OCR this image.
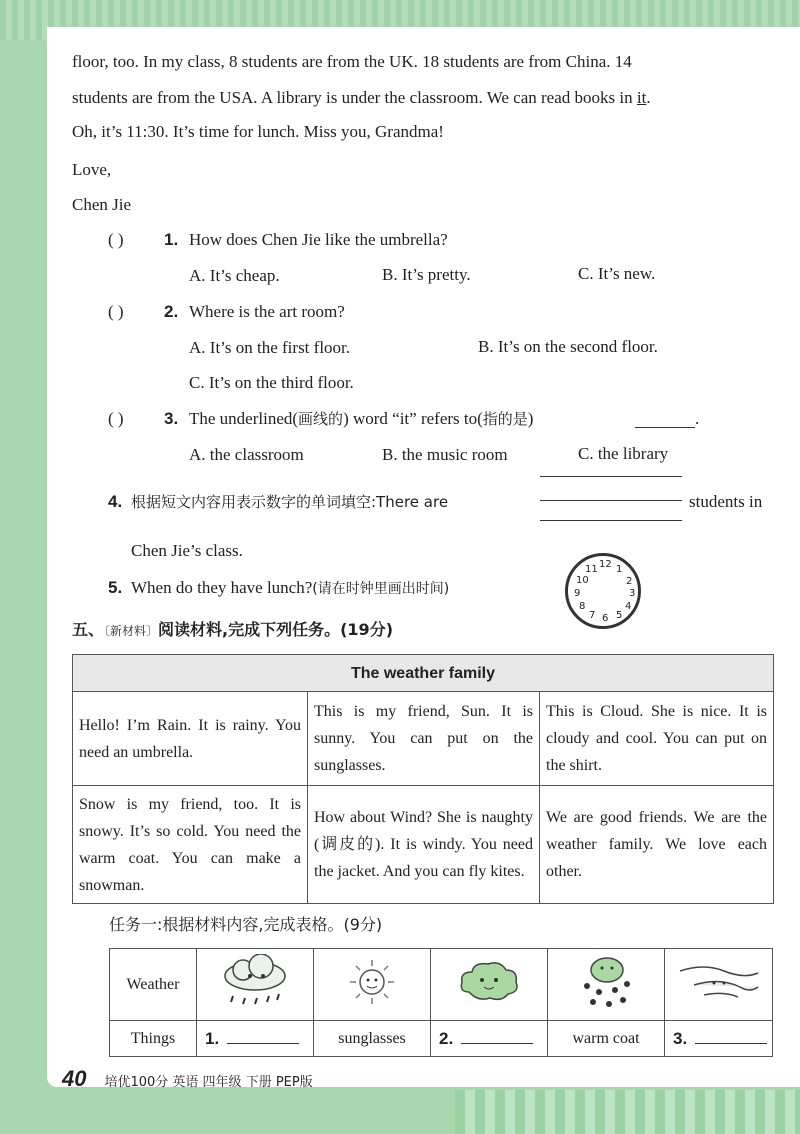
floor, too. In my class, 8 students are from the UK. 18 students are from China. 14
students are from the USA. A library is under the classroom. We can read books in it.
Oh, it’s 11:30. It’s time for lunch. Miss you, Grandma!
Love,
Chen Jie
( ) 1. How does Chen Jie like the umbrella?
A. It’s cheap.	B. It’s pretty.	C. It’s new.
( ) 2. Where is the art room?
A. It’s on the first floor.	B. It’s on the second floor.
C. It’s on the third floor.
( ) 3. The underlined(画线的) word “it” refers to(指的是)	.
A. the classroom	B. the music room	C. the library
4. 根据短文内容用表示数字的单词填空:There are	students in
Chen Jie’s class.
5. When do they have lunch?(请在时钟里画出时间)
12 1
2
3
4
5
6
7
8
9
10
11
五、〔新材料〕阅读材料,完成下列任务。(19分)
The weather family		
Hello! I’m Rain. It is rainy. You need an umbrella.	This is my friend, Sun. It is sunny. You can put on the sunglasses.	This is Cloud. She is nice. It is cloudy and cool. You can put on the shirt.
Snow is my friend, too. It is snowy. It’s so cold. You need the warm coat. You can make a snowman.	How about Wind? She is naughty (调皮的). It is windy. You need the jacket. And you can fly kites.	We are good friends. We are the weather family. We love each other.
任务一:根据材料内容,完成表格。(9分)
Weather					
Things	1.	sunglasses	2.	warm coat	3.
40 培优100分 英语 四年级 下册 PEP版
